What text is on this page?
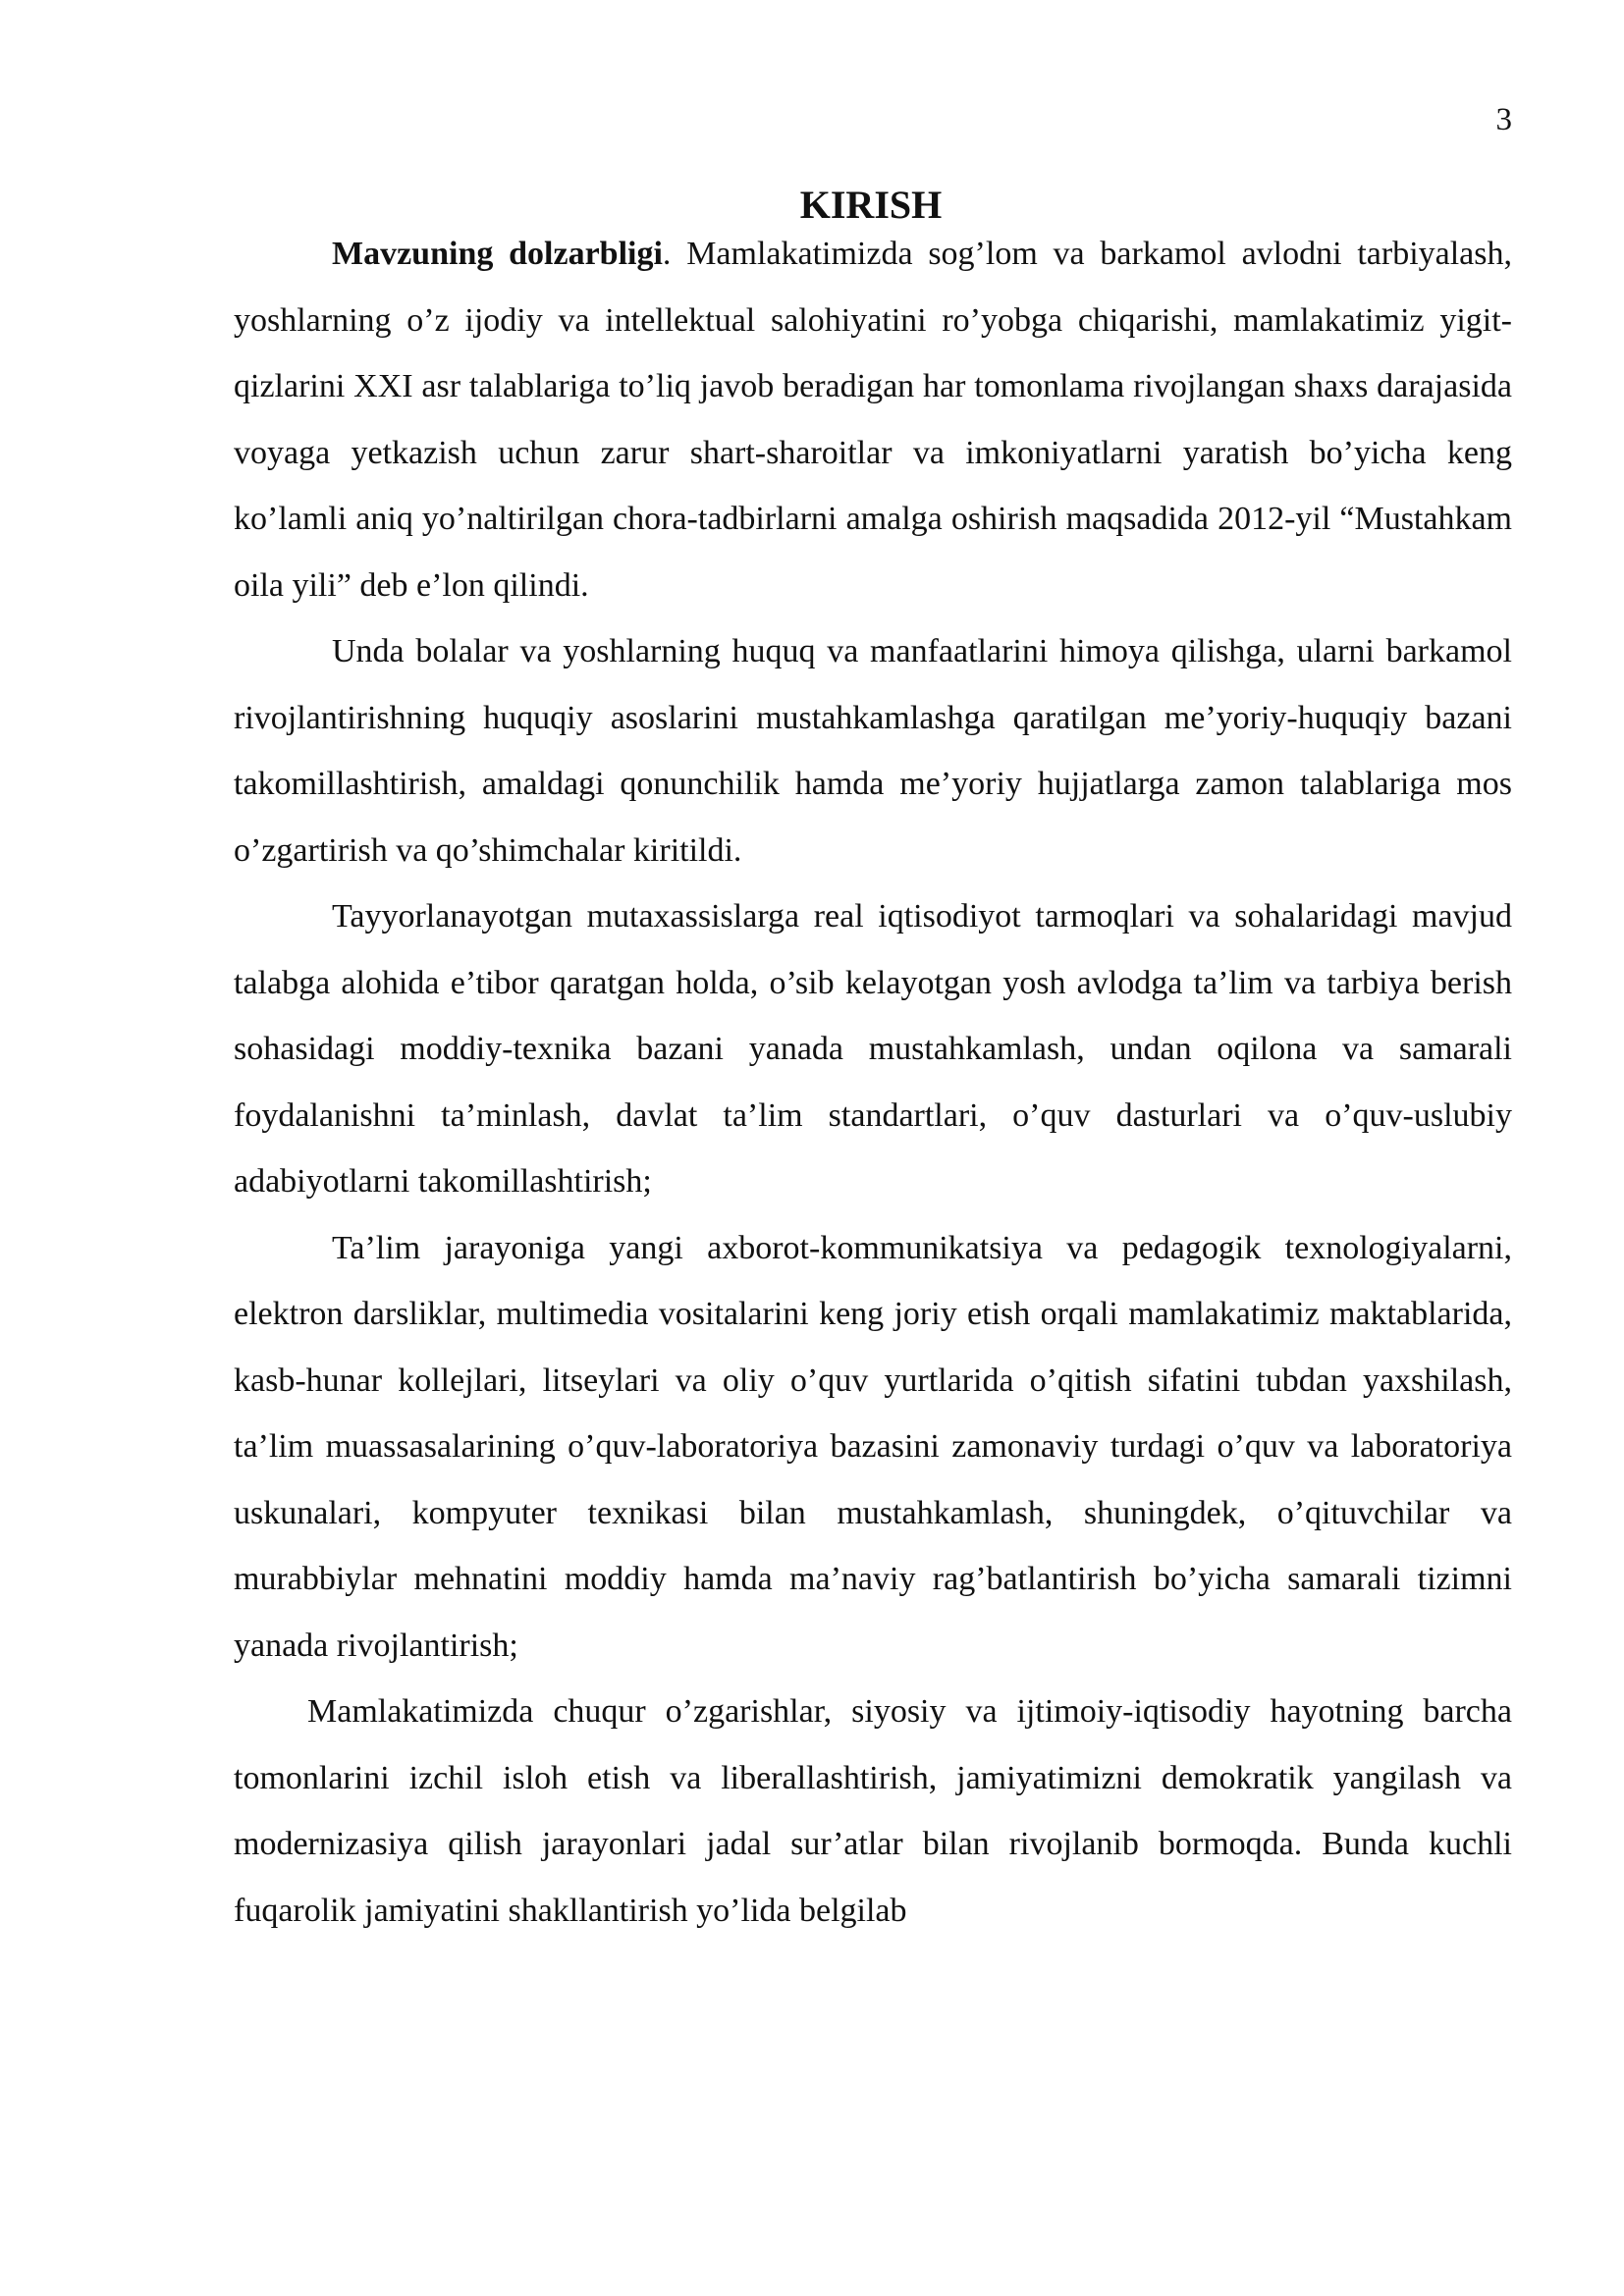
3
KIRISH

Mavzuning dolzarbligi. Mamlakatimizda sog’lom va barkamol avlodni tarbiyalash, yoshlarning o’z ijodiy va intellektual salohiyatini ro’yobga chiqarishi, mamlakatimiz yigit-qizlarini XXI asr talablariga to’liq javob beradigan har tomonlama rivojlangan shaxs darajasida voyaga yetkazish uchun zarur shart-sharoitlar va imkoniyatlarni yaratish bo’yicha keng ko’lamli aniq yo’naltirilgan chora-tadbirlarni amalga oshirish maqsadida 2012-yil “Mustahkam oila yili” deb e’lon qilindi.

Unda bolalar va yoshlarning huquq va manfaatlarini himoya qilishga, ularni barkamol rivojlantirishning huquqiy asoslarini mustahkamlashga qaratilgan me’yoriy-huquqiy bazani takomillashtirish, amaldagi qonunchilik hamda me’yoriy hujjatlarga zamon talablariga mos o’zgartirish va qo’shimchalar kiritildi.

Tayyorlanayotgan mutaxassislarga real iqtisodiyot tarmoqlari va sohalaridagi mavjud talabga alohida e’tibor qaratgan holda, o’sib kelayotgan yosh avlodga ta’lim va tarbiya berish sohasidagi moddiy-texnika bazani yanada mustahkamlash, undan oqilona va samarali foydalanishni ta’minlash, davlat ta’lim standartlari, o’quv dasturlari va o’quv-uslubiy adabiyotlarni takomillashtirish;

Ta’lim jarayoniga yangi axborot-kommunikatsiya va pedagogik texnologiyalarni, elektron darsliklar, multimedia vositalarini keng joriy etish orqali mamlakatimiz maktablarida, kasb-hunar kollejlari, litseylari va oliy o’quv yurtlarida o’qitish sifatini tubdan yaxshilash, ta’lim muassasalarining o’quv-laboratoriya bazasini zamonaviy turdagi o’quv va laboratoriya uskunalari, kompyuter texnikasi bilan mustahkamlash, shuningdek, o’qituvchilar va murabbiylar mehnatini moddiy hamda ma’naviy rag’batlantirish bo’yicha samarali tizimni yanada rivojlantirish;

Mamlakatimizda chuqur o’zgarishlar, siyosiy va ijtimoiy-iqtisodiy hayotning barcha tomonlarini izchil isloh etish va liberallashtirish, jamiyatimizni demokratik yangilash va modernizasiya qilish jarayonlari jadal sur’atlar bilan rivojlanib bormoqda. Bunda kuchli fuqarolik jamiyatini shakllantirish yo’lida belgilab
